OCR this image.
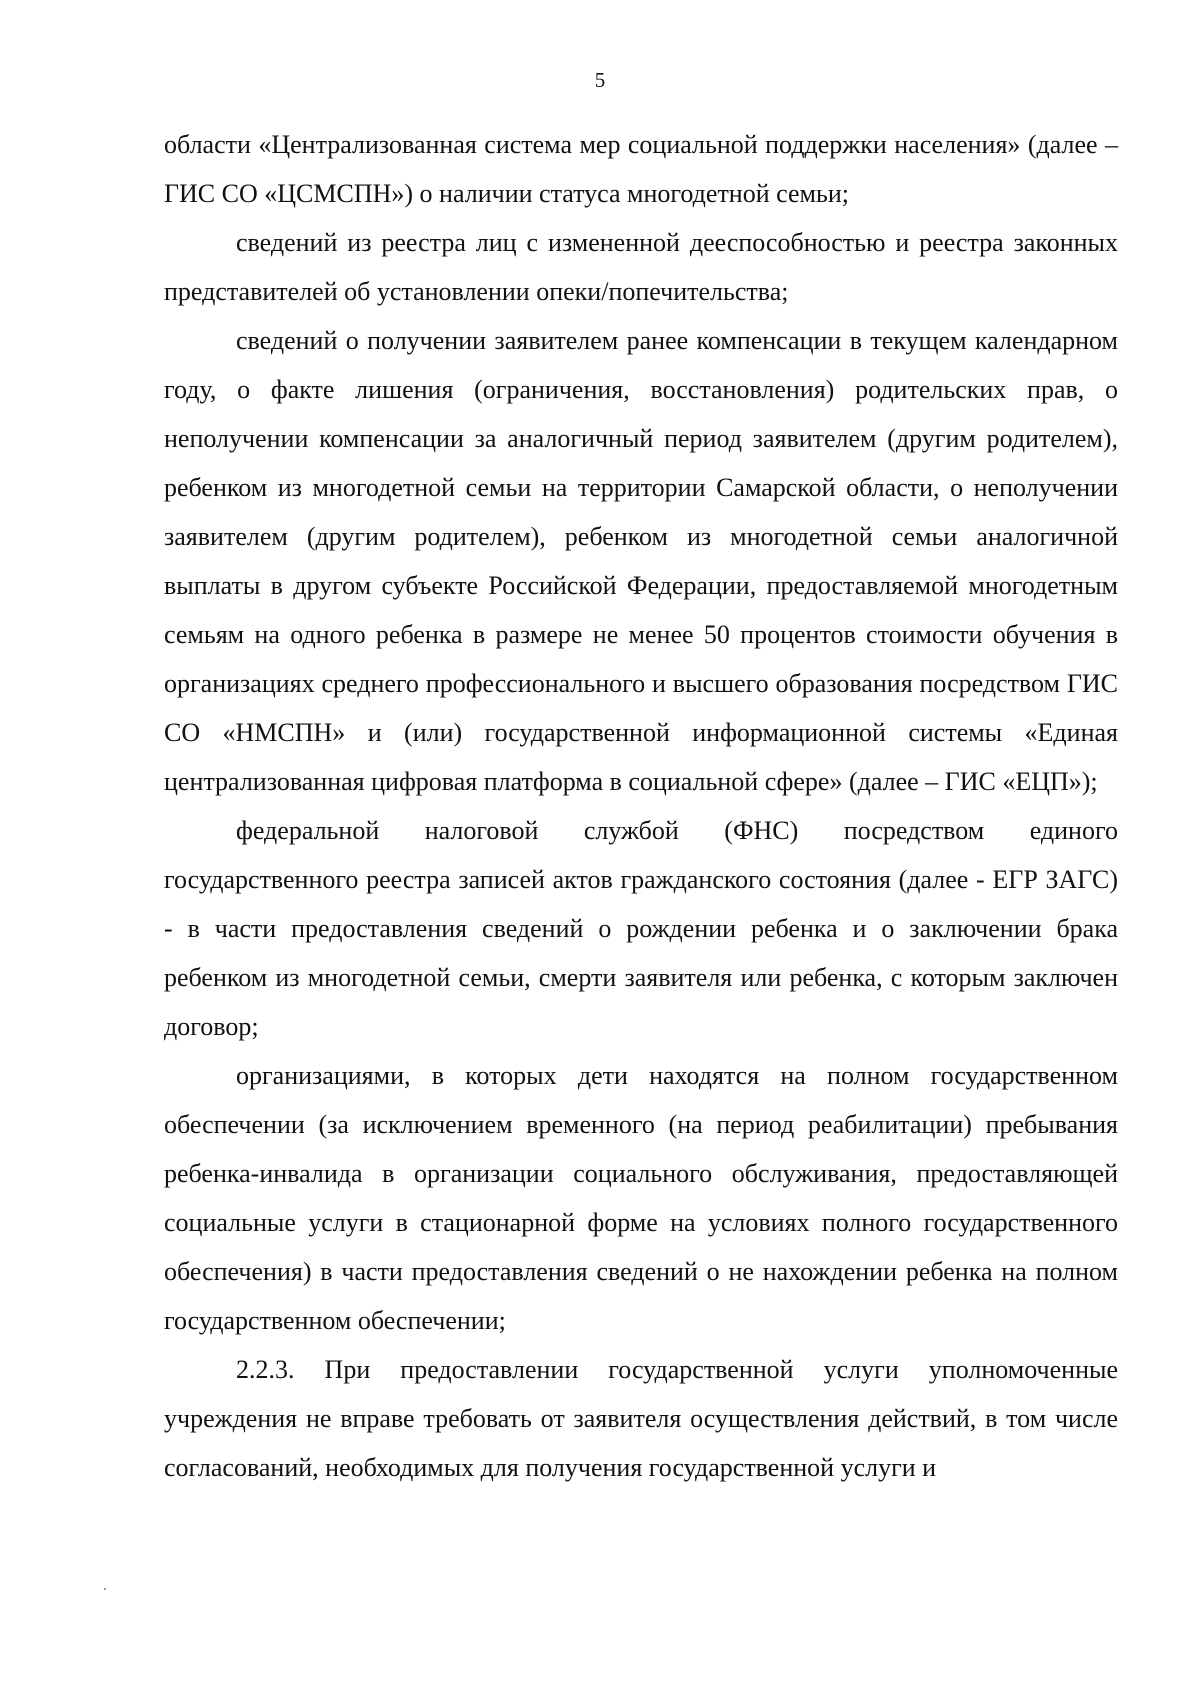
5

области «Централизованная система мер социальной поддержки населения» (далее – ГИС СО «ЦСМСПН») о наличии статуса многодетной семьи;

сведений из реестра лиц с измененной дееспособностью и реестра законных представителей об установлении опеки/попечительства;

сведений о получении заявителем ранее компенсации в текущем календарном году, о факте лишения (ограничения, восстановления) родительских прав, о неполучении компенсации за аналогичный период заявителем (другим родителем), ребенком из многодетной семьи на территории Самарской области, о неполучении заявителем (другим родителем), ребенком из многодетной семьи аналогичной выплаты в другом субъекте Российской Федерации, предоставляемой многодетным семьям на одного ребенка в размере не менее 50 процентов стоимости обучения в организациях среднего профессионального и высшего образования посредством ГИС СО «НМСПН» и (или) государственной информационной системы «Единая централизованная цифровая платформа в социальной сфере» (далее – ГИС «ЕЦП»);

федеральной налоговой службой (ФНС) посредством единого государственного реестра записей актов гражданского состояния (далее - ЕГР ЗАГС) - в части предоставления сведений о рождении ребенка и о заключении брака ребенком из многодетной семьи, смерти заявителя или ребенка, с которым заключен договор;

организациями, в которых дети находятся на полном государственном обеспечении (за исключением временного (на период реабилитации) пребывания ребенка-инвалида в организации социального обслуживания, предоставляющей социальные услуги в стационарной форме на условиях полного государственного обеспечения) в части предоставления сведений о не нахождении ребенка на полном государственном обеспечении;

2.2.3. При предоставлении государственной услуги уполномоченные учреждения не вправе требовать от заявителя осуществления действий, в том числе согласований, необходимых для получения государственной услуги и
